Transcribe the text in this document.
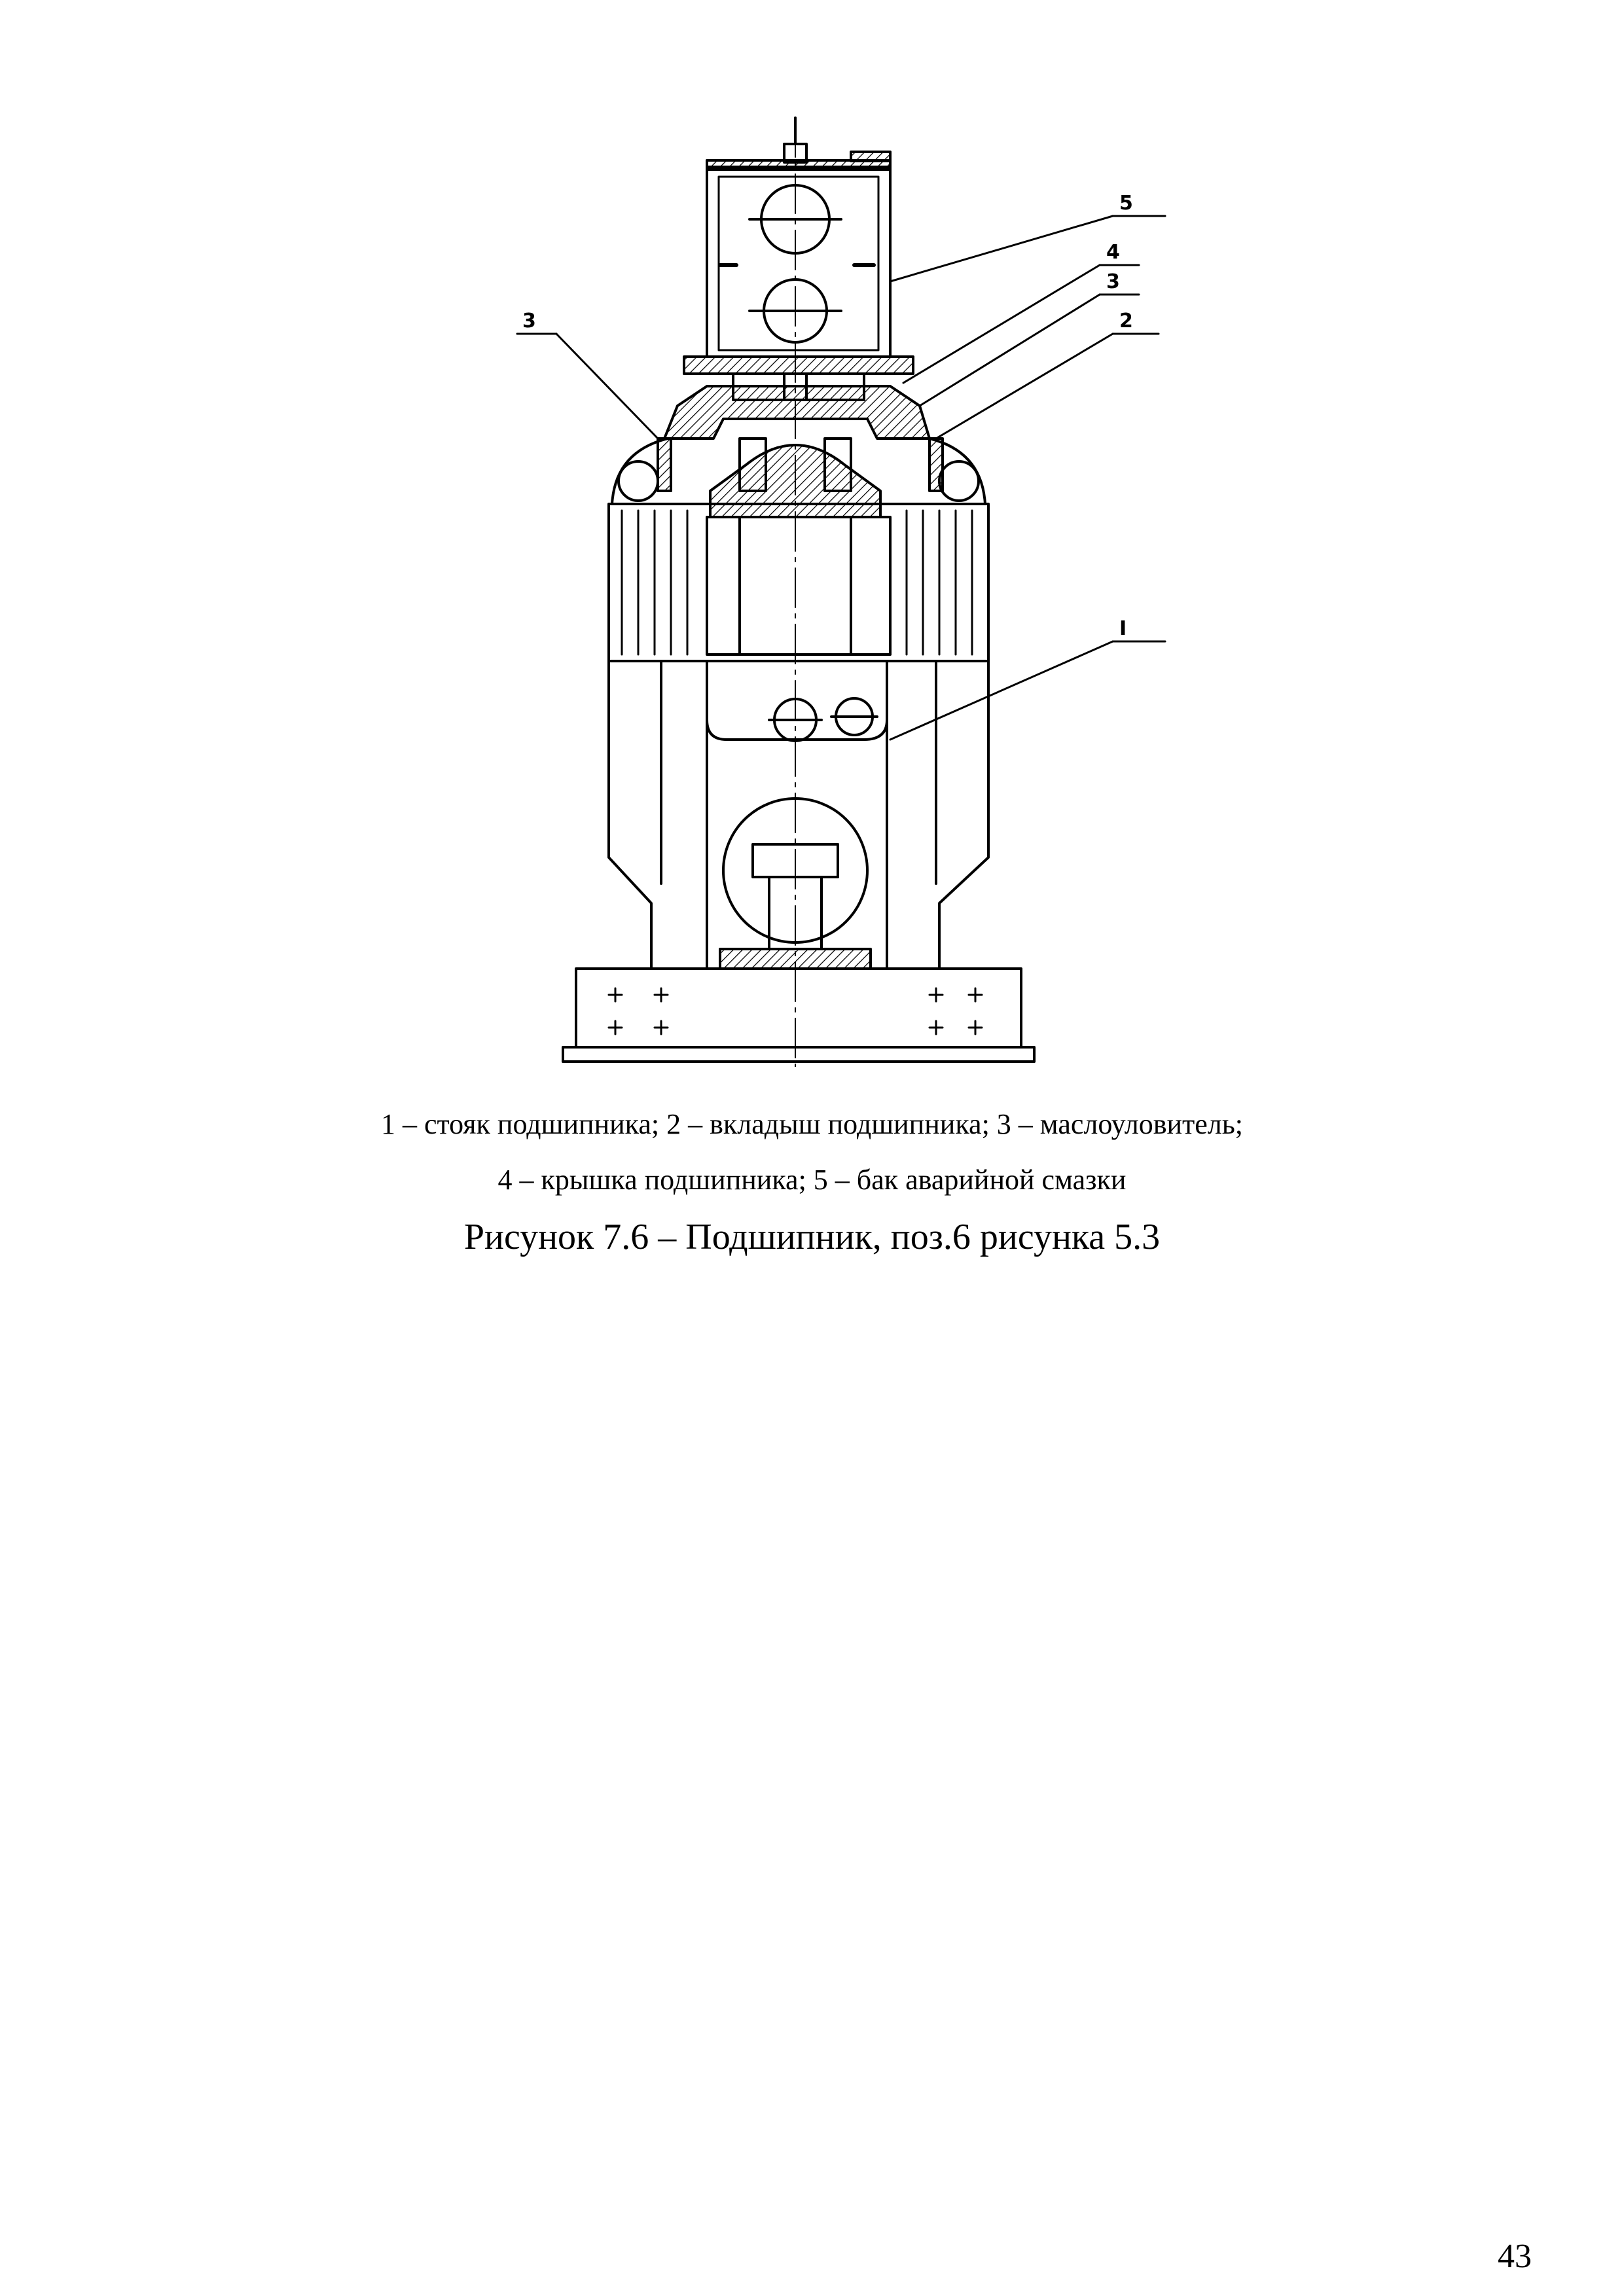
5
4
3
2
I
3
1 – стояк подшипника; 2 – вкладыш подшипника; 3 – маслоуловитель;
4 – крышка подшипника; 5 – бак аварийной смазки
Рисунок 7.6 – Подшипник, поз.6 рисунка 5.3
43
